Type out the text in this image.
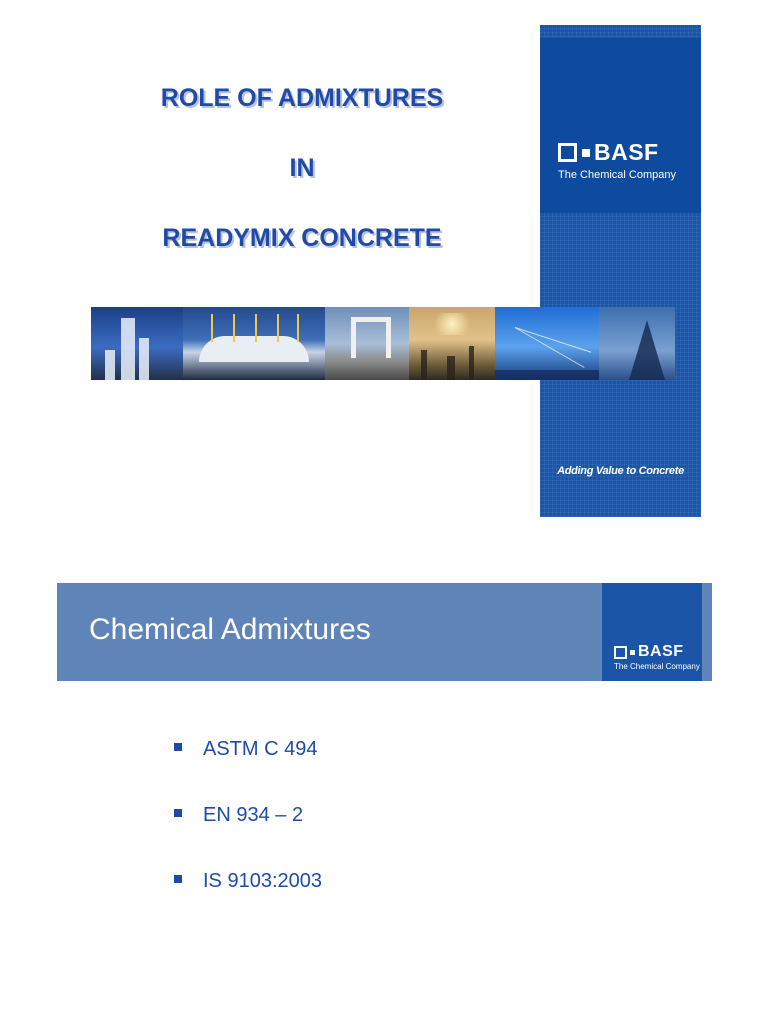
ROLE OF ADMIXTURES
IN
READYMIX CONCRETE
BASF
The Chemical Company
Adding Value to Concrete
Chemical Admixtures
BASF
The Chemical Company
ASTM C 494
EN 934 – 2
IS 9103:2003
